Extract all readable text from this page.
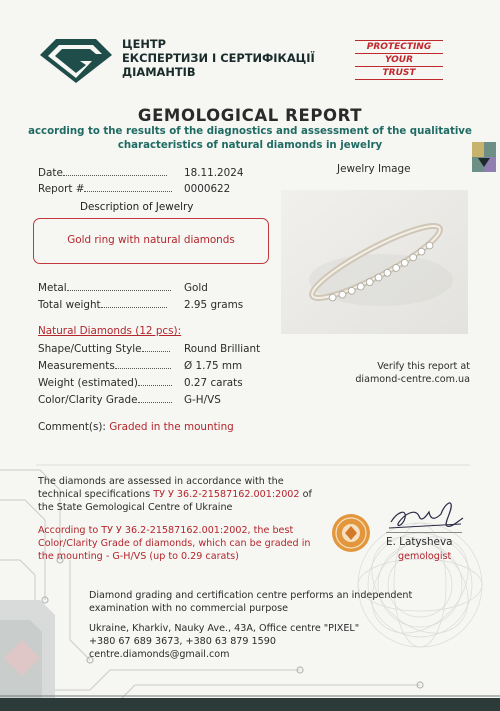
ЦЕНТР
ЕКСПЕРТИЗИ І СЕРТИФІКАЦІЇ
ДІАМАНТІВ
PROTECTING
YOUR
TRUST
GEMOLOGICAL REPORT
according to the results of the diagnostics and assessment of the qualitative
characteristics of natural diamonds in jewelry
Date	18.11.2024
Report #	0000622
Description of Jewelry
Gold ring with natural diamonds
Jewelry Image
Metal	Gold
Total weight	2.95 grams
Natural Diamonds (12 pcs):
Shape/Cutting Style	Round Brilliant
Measurements	Ø 1.75 mm
Weight (estimated)	0.27 carats
Color/Clarity Grade	G-H/VS
Comment(s): Graded in the mounting
Verify this report at
diamond-centre.com.ua
The diamonds are assessed in accordance with the
technical specifications ТУ У 36.2-21587162.001:2002 of
the State Gemological Centre of Ukraine
According to ТУ У 36.2-21587162.001:2002, the best
Color/Clarity Grade of diamonds, which can be graded in
the mounting - G-H/VS (up to 0.29 carats)
E. Latysheva
gemologist
Diamond grading and certification centre performs an independent
examination with no commercial purpose
Ukraine, Kharkiv, Nauky Ave., 43A, Office centre "PIXEL"
+380 67 689 3673, +380 63 879 1590
centre.diamonds@gmail.com
